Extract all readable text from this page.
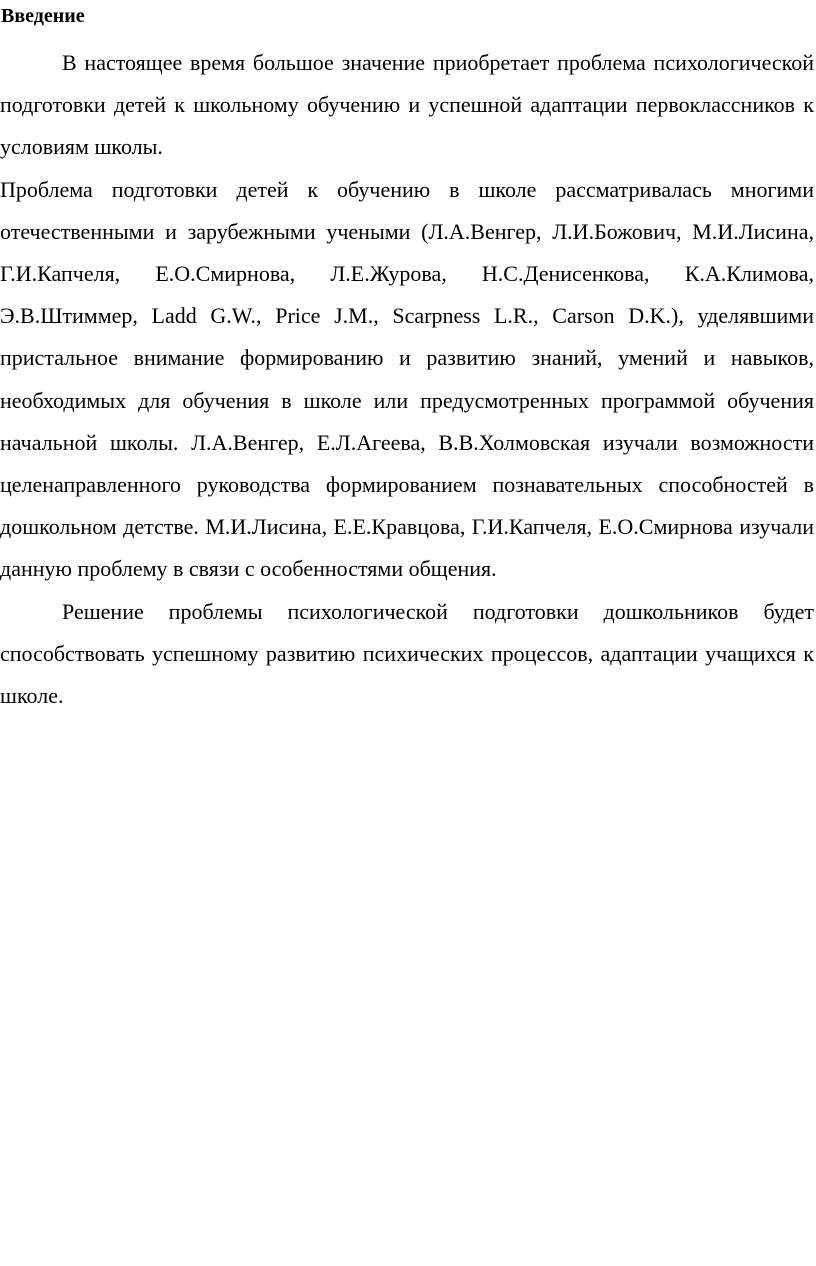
Введение

В настоящее время большое значение приобретает проблема психологической подготовки детей к школьному обучению и успешной адаптации первоклассников к условиям школы.

Проблема подготовки детей к обучению в школе рассматривалась многими отечественными и зарубежными учеными (Л.А.Венгер, Л.И.Божович, М.И.Лисина, Г.И.Капчеля, Е.О.Смирнова, Л.Е.Журова, Н.С.Денисенкова, К.А.Климова, Э.В.Штиммер, Ladd G.W., Price J.M., Scarpness L.R., Carson D.K.), уделявшими пристальное внимание формированию и развитию знаний, умений и навыков, необходимых для обучения в школе или предусмотренных программой обучения начальной школы. Л.А.Венгер, Е.Л.Агеева, В.В.Холмовская изучали возможности целенаправленного руководства формированием познавательных способностей в дошкольном детстве. М.И.Лисина, Е.Е.Кравцова, Г.И.Капчеля, Е.О.Смирнова изучали данную проблему в связи с особенностями общения.

Решение проблемы психологической подготовки дошкольников будет способствовать успешному развитию психических процессов, адаптации учащихся к школе.
